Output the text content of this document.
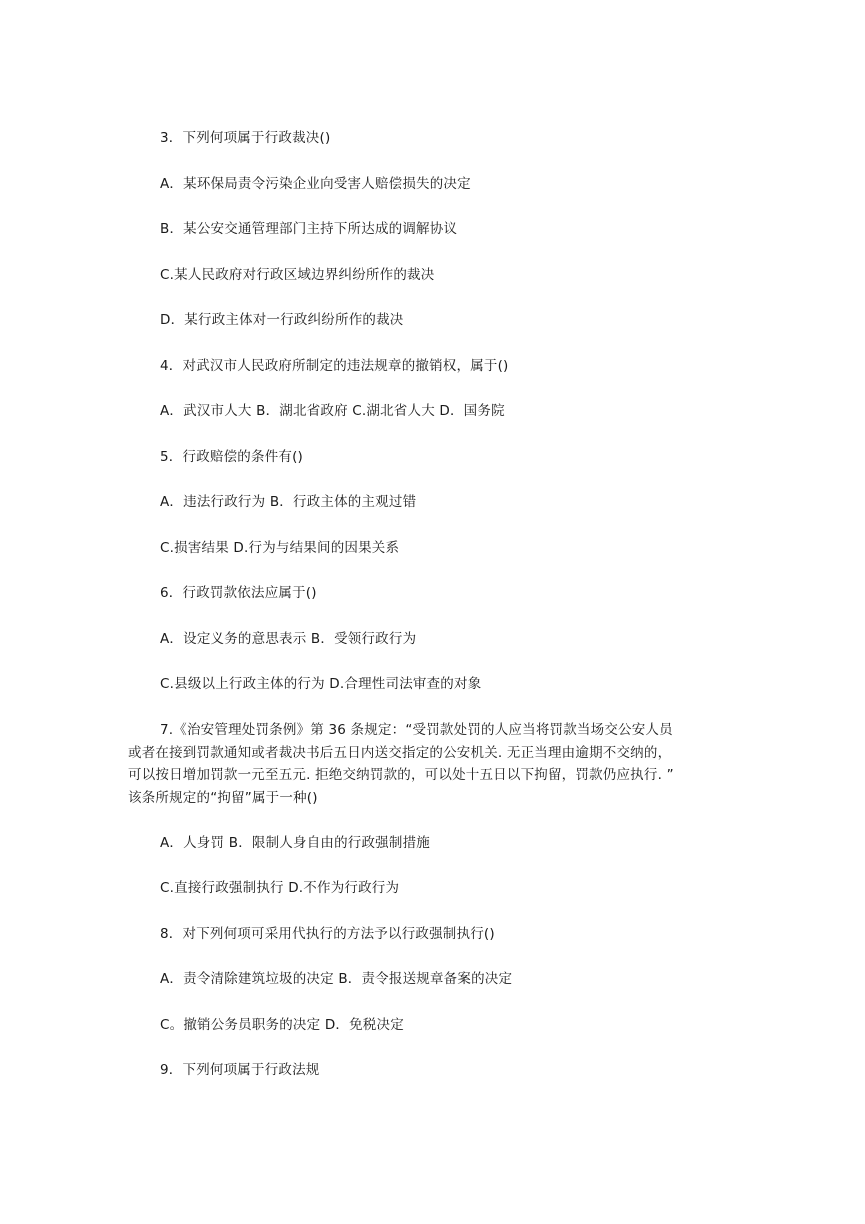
3．下列何项属于行政裁决()
A．某环保局责令污染企业向受害人赔偿损失的决定
B．某公安交通管理部门主持下所达成的调解协议
C.某人民政府对行政区域边界纠纷所作的裁决
D．某行政主体对一行政纠纷所作的裁决
4．对武汉市人民政府所制定的违法规章的撤销权，属于()
A．武汉市人大 B．湖北省政府 C.湖北省人大 D．国务院
5．行政赔偿的条件有()
A．违法行政行为 B．行政主体的主观过错
C.损害结果 D.行为与结果间的因果关系
6．行政罚款依法应属于()
A．设定义务的意思表示 B．受领行政行为
C.县级以上行政主体的行为 D.合理性司法审查的对象
7.《治安管理处罚条例》第 36 条规定：“受罚款处罚的人应当将罚款当场交公安人员
或者在接到罚款通知或者裁决书后五日内送交指定的公安机关. 无正当理由逾期不交纳的，
可以按日增加罚款一元至五元. 拒绝交纳罚款的，可以处十五日以下拘留，罚款仍应执行. ”
该条所规定的“拘留”属于一种()
A．人身罚 B．限制人身自由的行政强制措施
C.直接行政强制执行 D.不作为行政行为
8．对下列何项可采用代执行的方法予以行政强制执行()
A．责令清除建筑垃圾的决定 B．责令报送规章备案的决定
C。撤销公务员职务的决定 D．免税决定
9．下列何项属于行政法规
